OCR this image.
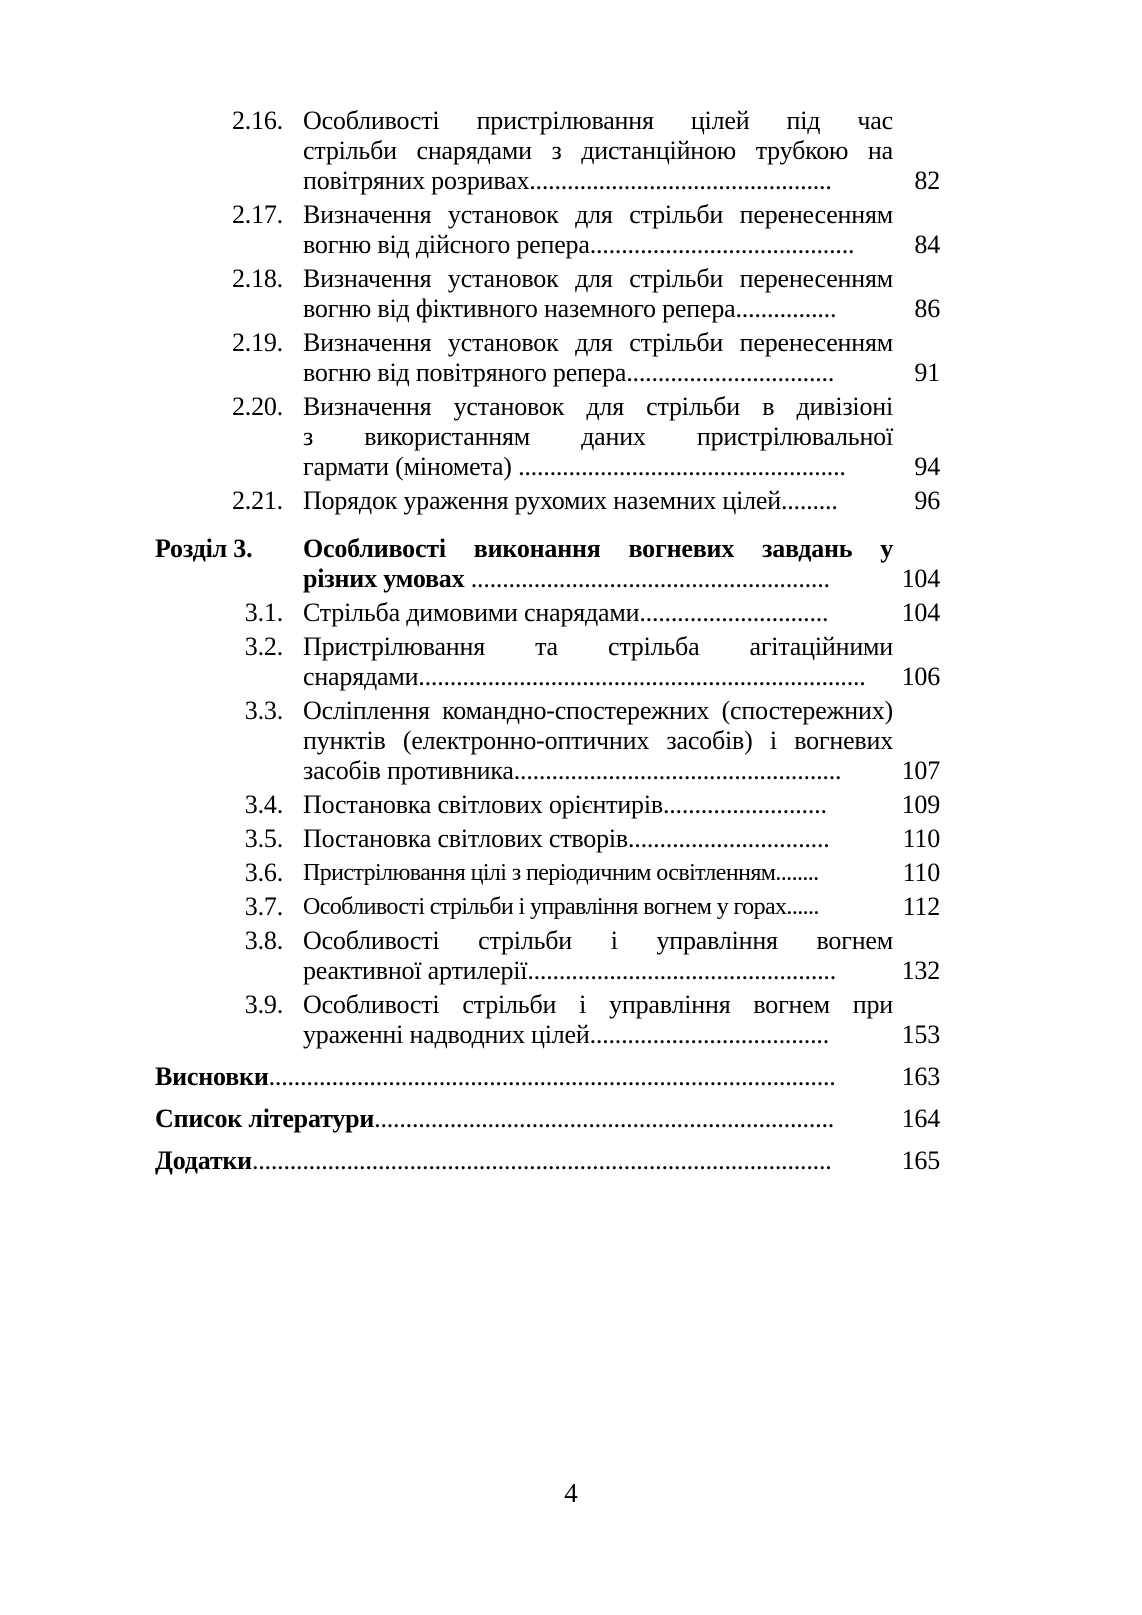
2.16. Особливості пристрілювання цілей під час
стрільби снарядами з дистанційною трубкою на
повітряних розривах................................................	82
2.17. Визначення установок для стрільби перенесенням
вогню від дійсного репера..........................................	84
2.18. Визначення установок для стрільби перенесенням
вогню від фіктивного наземного репера................	86
2.19. Визначення установок для стрільби перенесенням
вогню від повітряного репера.................................	91
2.20. Визначення установок для стрільби в дивізіоні
з використанням даних пристрілювальної
гармати (міномета) ....................................................	94
2.21. Порядок ураження рухомих наземних цілей.........	96
Розділ 3.	Особливості виконання вогневих завдань у
різних умовах .........................................................	104
3.1. Стрільба димовими снарядами..............................	104
3.2. Пристрілювання та стрільба агітаційними
снарядами.......................................................................	106
3.3. Осліплення командно-спостережних (спостережних)
пунктів (електронно-оптичних засобів) і вогневих
засобів противника....................................................	107
3.4. Постановка світлових орієнтирів..........................	109
3.5. Постановка світлових створів................................	110
3.6. Пристрілювання цілі з періодичним освітленням........	110
3.7. Особливості стрільби і управління вогнем у горах......	112
3.8. Особливості стрільби і управління вогнем
реактивної артилерії.................................................	132
3.9. Особливості стрільби і управління вогнем при
ураженні надводних цілей......................................	153
Висновки..........................................................................................	163
Список літератури.........................................................................	164
Додатки............................................................................................	165
4
